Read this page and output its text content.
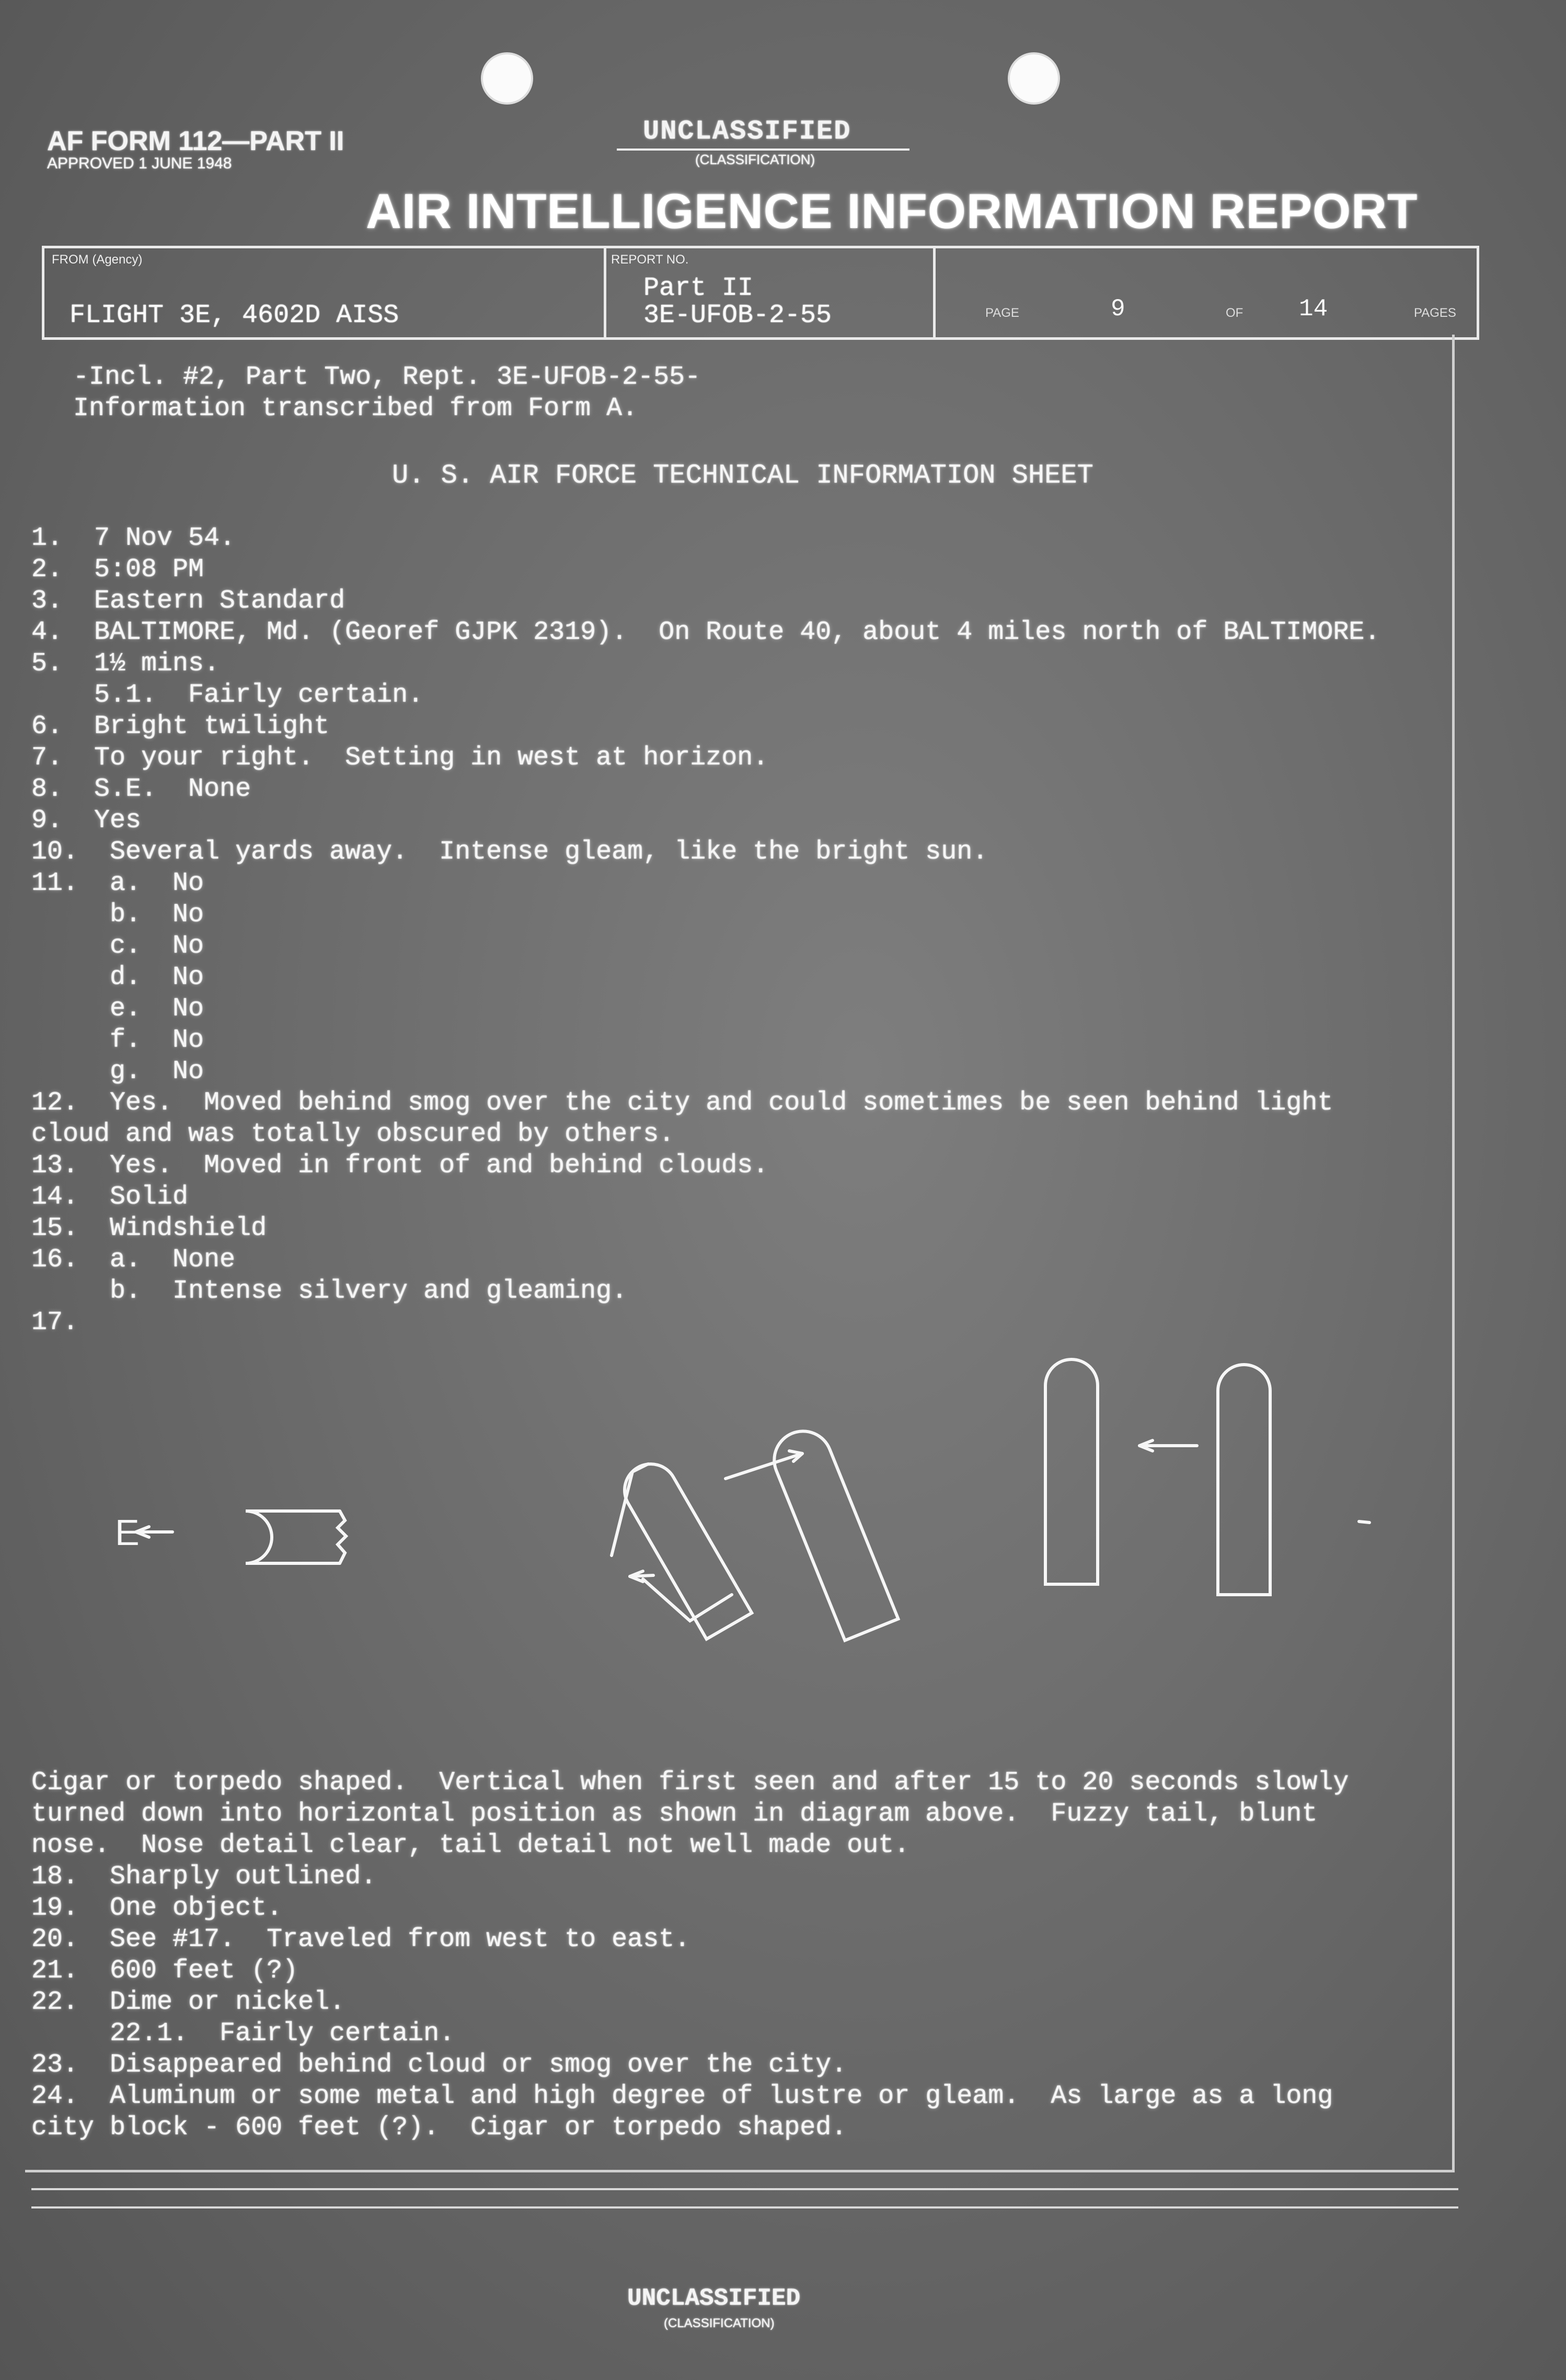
AF FORM 112—PART II
APPROVED 1 JUNE 1948
UNCLASSIFIED
(CLASSIFICATION)
AIR INTELLIGENCE INFORMATION REPORT
FROM (Agency)
FLIGHT 3E, 4602D AISS
REPORT NO.
Part II
3E-UFOB-2-55	PAGE	9	OF 14	PAGES
-Incl. #2, Part Two, Rept. 3E-UFOB-2-55-
Information transcribed from Form A.
U. S. AIR FORCE TECHNICAL INFORMATION SHEET
1.  7 Nov 54.
2.  5:08 PM
3.  Eastern Standard
4.  BALTIMORE, Md. (Georef GJPK 2319).  On Route 40, about 4 miles north of BALTIMORE.
5.  1½ mins.
5.1.  Fairly certain.
6.  Bright twilight
7.  To your right.  Setting in west at horizon.
8.  S.E.  None
9.  Yes
10.  Several yards away.  Intense gleam, like the bright sun.
11.  a.  No
b.  No
c.  No
d.  No
e.  No
f.  No
g.  No
12.  Yes.  Moved behind smog over the city and could sometimes be seen behind light
cloud and was totally obscured by others.
13.  Yes.  Moved in front of and behind clouds.
14.  Solid
15.  Windshield
16.  a.  None
b.  Intense silvery and gleaming.
17.
E
Cigar or torpedo shaped.  Vertical when first seen and after 15 to 20 seconds slowly
turned down into horizontal position as shown in diagram above.  Fuzzy tail, blunt
nose.  Nose detail clear, tail detail not well made out.
18.  Sharply outlined.
19.  One object.
20.  See #17.  Traveled from west to east.
21.  600 feet (?)
22.  Dime or nickel.
22.1.  Fairly certain.
23.  Disappeared behind cloud or smog over the city.
24.  Aluminum or some metal and high degree of lustre or gleam.  As large as a long
city block - 600 feet (?).  Cigar or torpedo shaped.
UNCLASSIFIED
(CLASSIFICATION)
